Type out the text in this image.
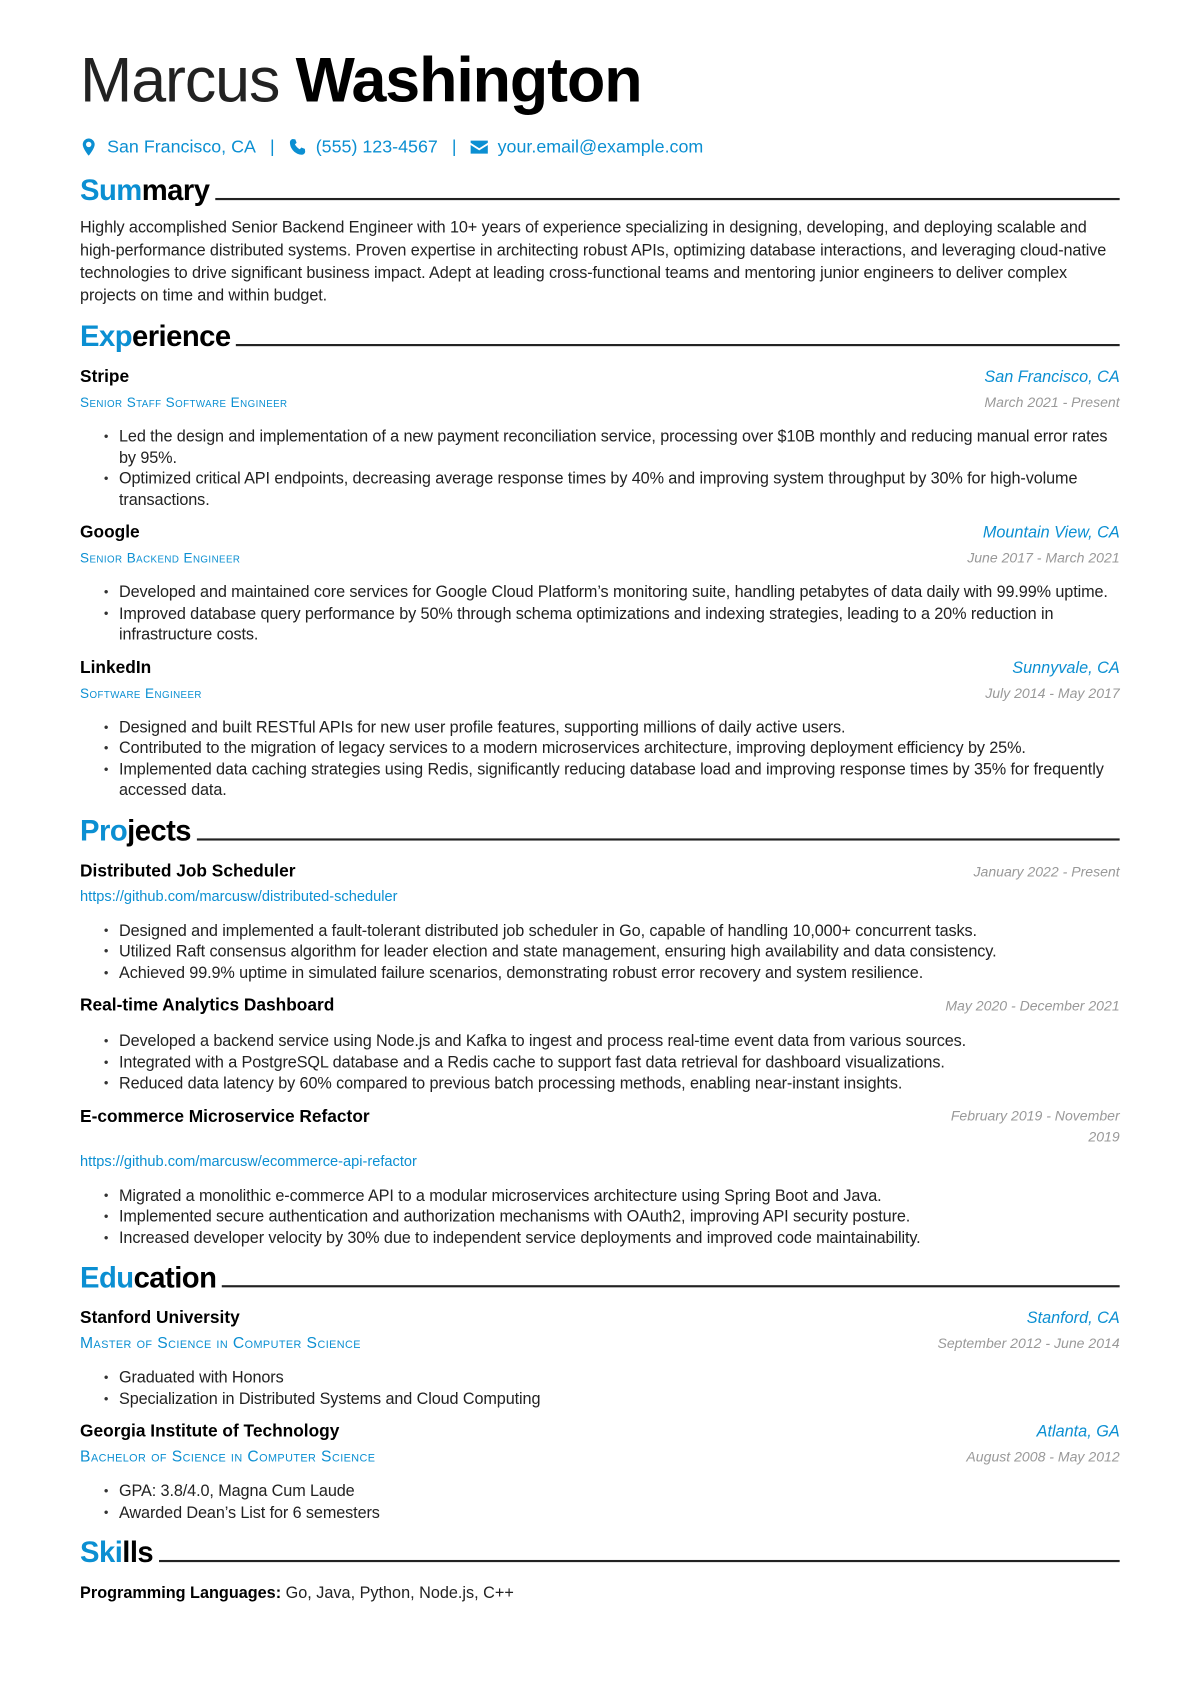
Marcus Washington
San Francisco, CA | (555) 123-4567 | your.email@example.com
Summary
Highly accomplished Senior Backend Engineer with 10+ years of experience specializing in designing, developing, and deploying scalable and high-performance distributed systems. Proven expertise in architecting robust APIs, optimizing database interactions, and leveraging cloud-native technologies to drive significant business impact. Adept at leading cross-functional teams and mentoring junior engineers to deliver complex projects on time and within budget.
Experience
Stripe
Senior Staff Software Engineer
San Francisco, CA
March 2021 - Present
• Led the design and implementation of a new payment reconciliation service, processing over $10B monthly and reducing manual error rates by 95%.
• Optimized critical API endpoints, decreasing average response times by 40% and improving system throughput by 30% for high-volume transactions.
Google
Senior Backend Engineer
Mountain View, CA
June 2017 - March 2021
• Developed and maintained core services for Google Cloud Platform’s monitoring suite, handling petabytes of data daily with 99.99% uptime.
• Improved database query performance by 50% through schema optimizations and indexing strategies, leading to a 20% reduction in infrastructure costs.
LinkedIn
Software Engineer
Sunnyvale, CA
July 2014 - May 2017
• Designed and built RESTful APIs for new user profile features, supporting millions of daily active users.
• Contributed to the migration of legacy services to a modern microservices architecture, improving deployment efficiency by 25%.
• Implemented data caching strategies using Redis, significantly reducing database load and improving response times by 35% for frequently accessed data.
Projects
Distributed Job Scheduler
https://github.com/marcusw/distributed-scheduler
January 2022 - Present
• Designed and implemented a fault-tolerant distributed job scheduler in Go, capable of handling 10,000+ concurrent tasks.
• Utilized Raft consensus algorithm for leader election and state management, ensuring high availability and data consistency.
• Achieved 99.9% uptime in simulated failure scenarios, demonstrating robust error recovery and system resilience.
Real-time Analytics Dashboard	May 2020 - December 2021
• Developed a backend service using Node.js and Kafka to ingest and process real-time event data from various sources.
• Integrated with a PostgreSQL database and a Redis cache to support fast data retrieval for dashboard visualizations.
• Reduced data latency by 60% compared to previous batch processing methods, enabling near-instant insights.
E-commerce Microservice Refactor
https://github.com/marcusw/ecommerce-api-refactor
February 2019 - November 2019
• Migrated a monolithic e-commerce API to a modular microservices architecture using Spring Boot and Java.
• Implemented secure authentication and authorization mechanisms with OAuth2, improving API security posture.
• Increased developer velocity by 30% due to independent service deployments and improved code maintainability.
Education
Stanford University
Master of Science in Computer Science
Stanford, CA
September 2012 - June 2014
• Graduated with Honors
• Specialization in Distributed Systems and Cloud Computing
Georgia Institute of Technology
Bachelor of Science in Computer Science
Atlanta, GA
August 2008 - May 2012
• GPA: 3.8/4.0, Magna Cum Laude
• Awarded Dean’s List for 6 semesters
Skills
Programming Languages: Go, Java, Python, Node.js, C++
